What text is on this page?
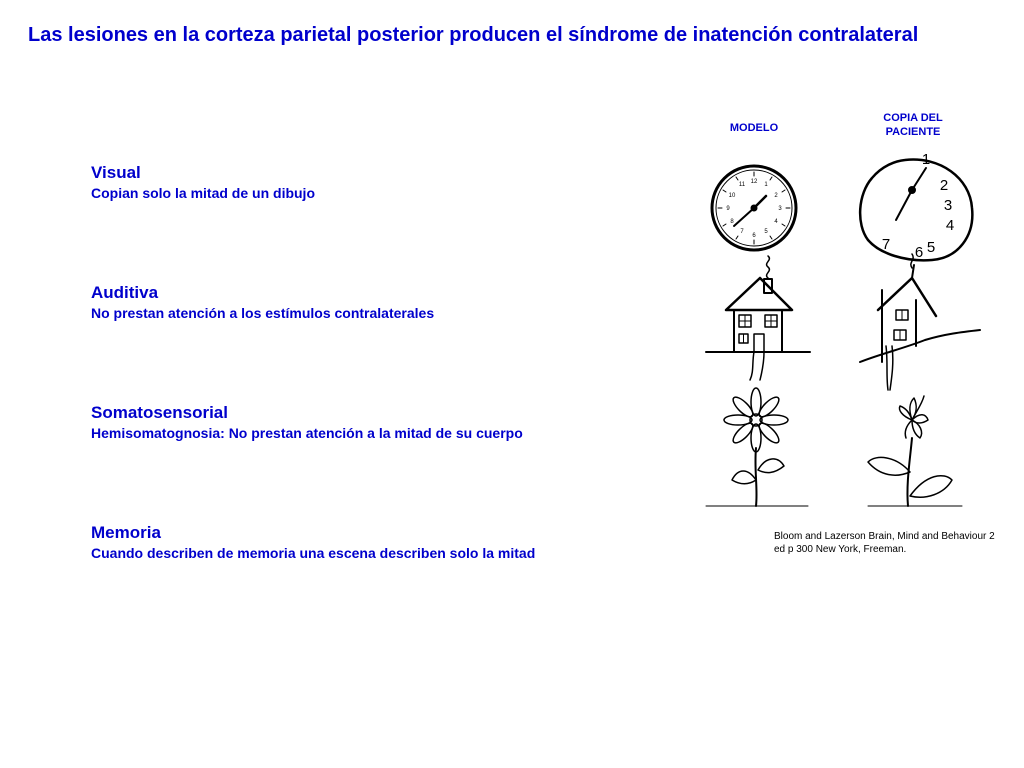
Las lesiones en la corteza parietal posterior producen el síndrome de inatención contralateral
Visual
Copian solo la mitad de un dibujo
Auditiva
No prestan atención a los estímulos contralaterales
Somatosensorial
Hemisomatognosia: No prestan atención a la mitad de su cuerpo
Memoria
Cuando describen de memoria una escena describen solo la mitad
MODELO
COPIA DEL PACIENTE
12 1
2
3
4
5
6
7
8
9
10
11
1
2
3
4
5
6
7
Bloom and Lazerson Brain, Mind and Behaviour 2 ed p 300 New York, Freeman.
